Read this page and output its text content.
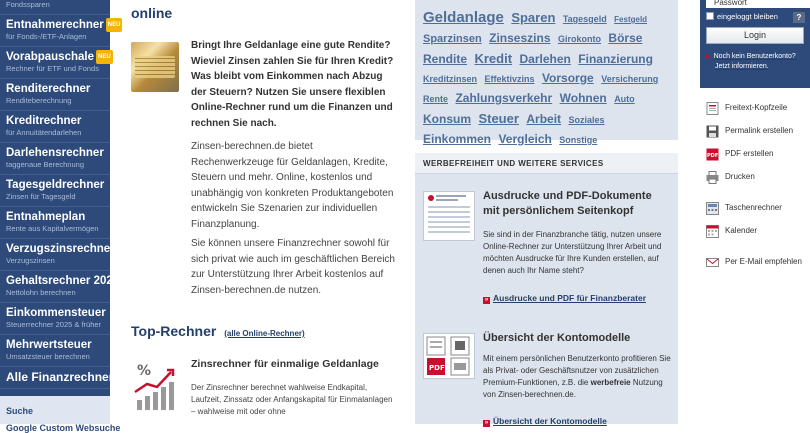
Fondssparen
Entnahmerechner NEU
für Fonds-/ETF-Anlagen
Vorabpauschale NEU
Rechner für ETF und Fonds
Renditerechner
Renditeberechnung
Kreditrechner
für Annuitätendarlehen
Darlehensrechner
taggenaue Berechnung
Tagesgeldrechner
Zinsen für Tagesgeld
Entnahmeplan
Rente aus Kapitalvermögen
Verzugszinsrechner
Verzugszinsen
Gehaltsrechner 2025
Nettolohn berechnen
Einkommensteuer
Steuerrechner 2025 & früher
Mehrwertsteuer
Umsatzsteuer berechnen
Alle Finanzrechner
Suche
Google Custom Websuche
online
Bringt Ihre Geldanlage eine gute Rendite? Wieviel Zinsen zahlen Sie für Ihren Kredit? Was bleibt vom Einkommen nach Abzug der Steuern? Nutzen Sie unsere flexiblen Online-Rechner rund um die Finanzen und rechnen Sie nach.
Zinsen-berechnen.de bietet Rechenwerkzeuge für Geldanlagen, Kredite, Steuern und mehr. Online, kostenlos und unabhängig von konkreten Produktangeboten entwickeln Sie Szenarien zur individuellen Finanzplanung.
Sie können unsere Finanzrechner sowohl für sich privat wie auch im geschäftlichen Bereich zur Unterstützung Ihrer Arbeit kostenlos auf Zinsen-berechnen.de nutzen.
Top-Rechner (alle Online-Rechner)
%	Zinsrechner für einmalige Geldanlage
Der Zinsrechner berechnet wahlweise Endkapital, Laufzeit, Zinssatz oder Anfangskapital für Einmalanlagen – wahlweise mit oder ohne
Geldanlage Sparen Tagesgeld Festgeld Sparzinsen Zinseszins Girokonto Börse Rendite Kredit Darlehen Finanzierung Kreditzinsen Effektivzins Vorsorge Versicherung Rente Zahlungsverkehr Wohnen Auto Konsum Steuer Arbeit Soziales Einkommen Vergleich Sonstige
WERBEFREIHEIT UND WEITERE SERVICES
Ausdrucke und PDF-Dokumente mit persönlichem Seitenkopf
Sie sind in der Finanzbranche tätig, nutzen unsere Online-Rechner zur Unterstützung Ihrer Arbeit und möchten Ausdrucke für Ihre Kunden erstellen, auf denen auch Ihr Name steht?
» Ausdrucke und PDF für Finanzberater
PDF
Übersicht der Kontomodelle
Mit einem persönlichen Benutzerkonto profitieren Sie als Privat- oder Geschäftsnutzer von zusätzlichen Premium-Funktionen, z.B. die werbefreie Nutzung von Zinsen-berechnen.de.
» Übersicht der Kontomodelle
Passwort
eingeloggt bleiben	?
Login
▶ Noch kein Benutzerkonto?
Jetzt informieren.
Freitext-Kopfzeile
Permalink erstellen
PDF PDF erstellen
Drucken
Taschenrechner
Kalender
Per E-Mail empfehlen
